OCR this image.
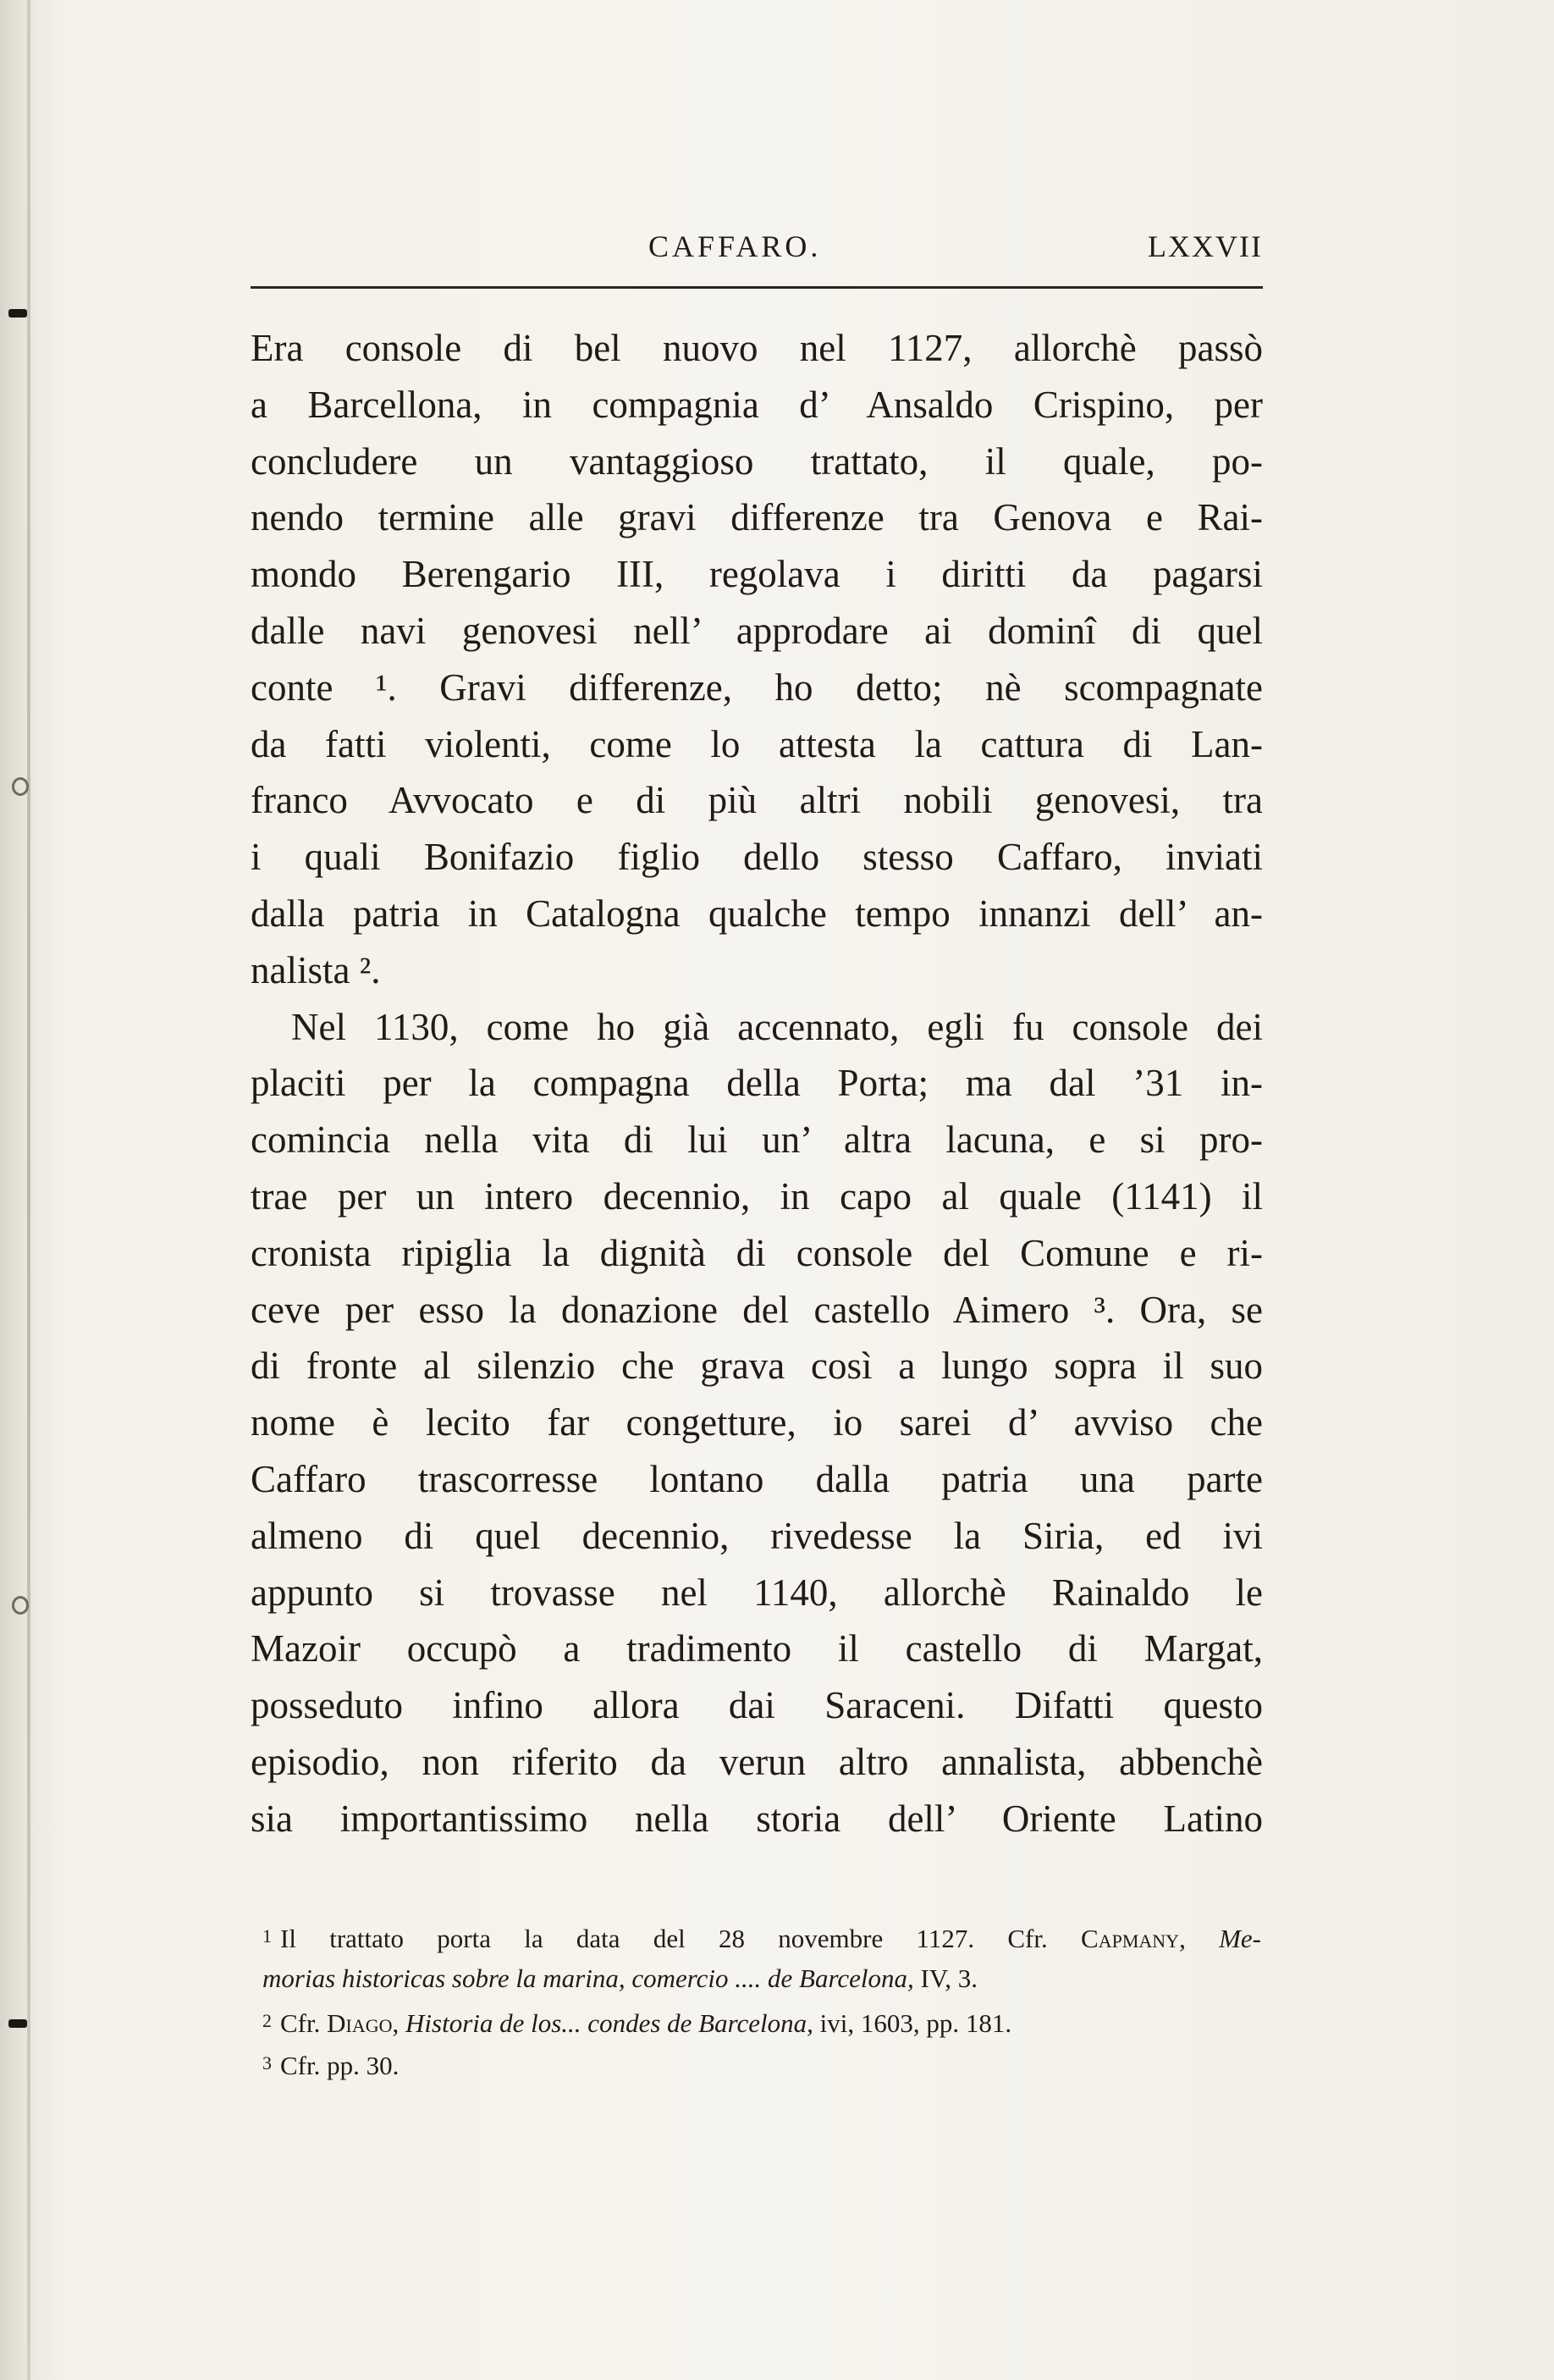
CAFFARO.	LXXVII
Era console di bel nuovo nel 1127, allorchè passò
a Barcellona, in compagnia d’ Ansaldo Crispino, per
concludere un vantaggioso trattato, il quale, po-
nendo termine alle gravi differenze tra Genova e Rai-
mondo Berengario III, regolava i diritti da pagarsi
dalle navi genovesi nell’ approdare ai dominî di quel
conte ¹. Gravi differenze, ho detto; nè scompagnate
da fatti violenti, come lo attesta la cattura di Lan-
franco Avvocato e di più altri nobili genovesi, tra
i quali Bonifazio figlio dello stesso Caffaro, inviati
dalla patria in Catalogna qualche tempo innanzi dell’ an-
nalista ².
Nel 1130, come ho già accennato, egli fu console dei
placiti per la compagna della Porta; ma dal ’31 in-
comincia nella vita di lui un’ altra lacuna, e si pro-
trae per un intero decennio, in capo al quale (1141) il
cronista ripiglia la dignità di console del Comune e ri-
ceve per esso la donazione del castello Aimero ³. Ora, se
di fronte al silenzio che grava così a lungo sopra il suo
nome è lecito far congetture, io sarei d’ avviso che
Caffaro trascorresse lontano dalla patria una parte
almeno di quel decennio, rivedesse la Siria, ed ivi
appunto si trovasse nel 1140, allorchè Rainaldo le
Mazoir occupò a tradimento il castello di Margat,
posseduto infino allora dai Saraceni. Difatti questo
episodio, non riferito da verun altro annalista, abbenchè
sia importantissimo nella storia dell’ Oriente Latino
$^1$ Il trattato porta la data del 28 novembre 1127. Cfr. Capmany, Me-
morias historicas sobre la marina, comercio .... de Barcelona, IV, 3.
$^2$ Cfr. Diago, Historia de los... condes de Barcelona, ivi, 1603, pp. 181.
$^3$ Cfr. pp. 30.
